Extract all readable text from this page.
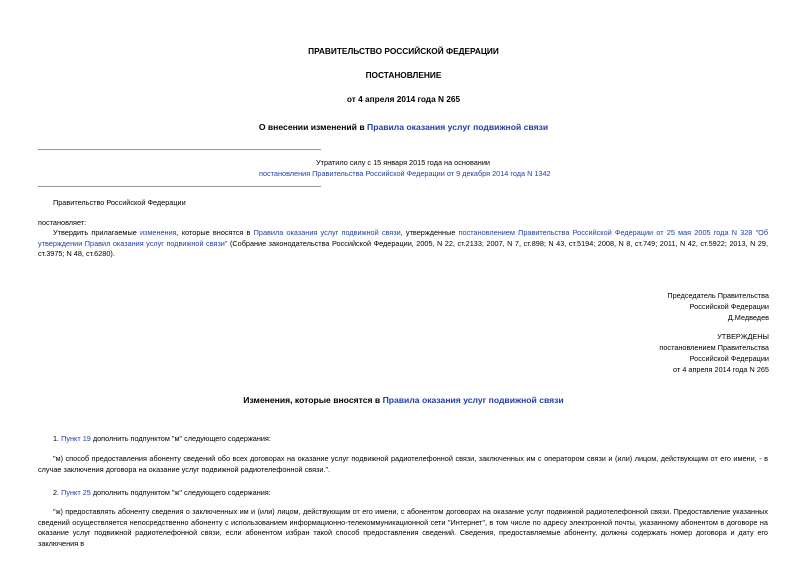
ПРАВИТЕЛЬСТВО РОССИЙСКОЙ ФЕДЕРАЦИИ
ПОСТАНОВЛЕНИЕ
от 4 апреля 2014 года N 265
О внесении изменений в Правила оказания услуг подвижной связи
Утратило силу с 15 января 2015 года на основании
постановления Правительства Российской Федерации от 9 декабря 2014 года N 1342
Правительство Российской Федерации
постановляет:
Утвердить прилагаемые изменения, которые вносятся в Правила оказания услуг подвижной связи, утвержденные постановлением Правительства Российской Федерации от 25 мая 2005 года N 328 "Об утверждении Правил оказания услуг подвижной связи" (Собрание законодательства Российской Федерации, 2005, N 22, ст.2133; 2007, N 7, ст.898; N 43, ст.5194; 2008, N 8, ст.749; 2011, N 42, ст.5922; 2013, N 29, ст.3975; N 48, ст.6280).
Председатель Правительства
Российской Федерации
Д.Медведев
УТВЕРЖДЕНЫ
постановлением Правительства
Российской Федерации
от 4 апреля 2014 года N 265
Изменения, которые вносятся в Правила оказания услуг подвижной связи
1. Пункт 19 дополнить подпунктом "м" следующего содержания:
"м) способ предоставления абоненту сведений обо всех договорах на оказание услуг подвижной радиотелефонной связи, заключенных им с оператором связи и (или) лицом, действующим от его имени, - в случае заключения договора на оказание услуг подвижной радиотелефонной связи.".
2. Пункт 25 дополнить подпунктом "ж" следующего содержания:
"ж) предоставлять абоненту сведения о заключенных им и (или) лицом, действующим от его имени, с абонентом договорах на оказание услуг подвижной радиотелефонной связи. Предоставление указанных сведений осуществляется непосредственно абоненту с использованием информационно-телекоммуникационной сети "Интернет", в том числе по адресу электронной почты, указанному абонентом в договоре на оказание услуг подвижной радиотелефонной связи, если абонентом избран такой способ предоставления сведений. Сведения, предоставляемые абоненту, должны содержать номер договора и дату его заключения в
